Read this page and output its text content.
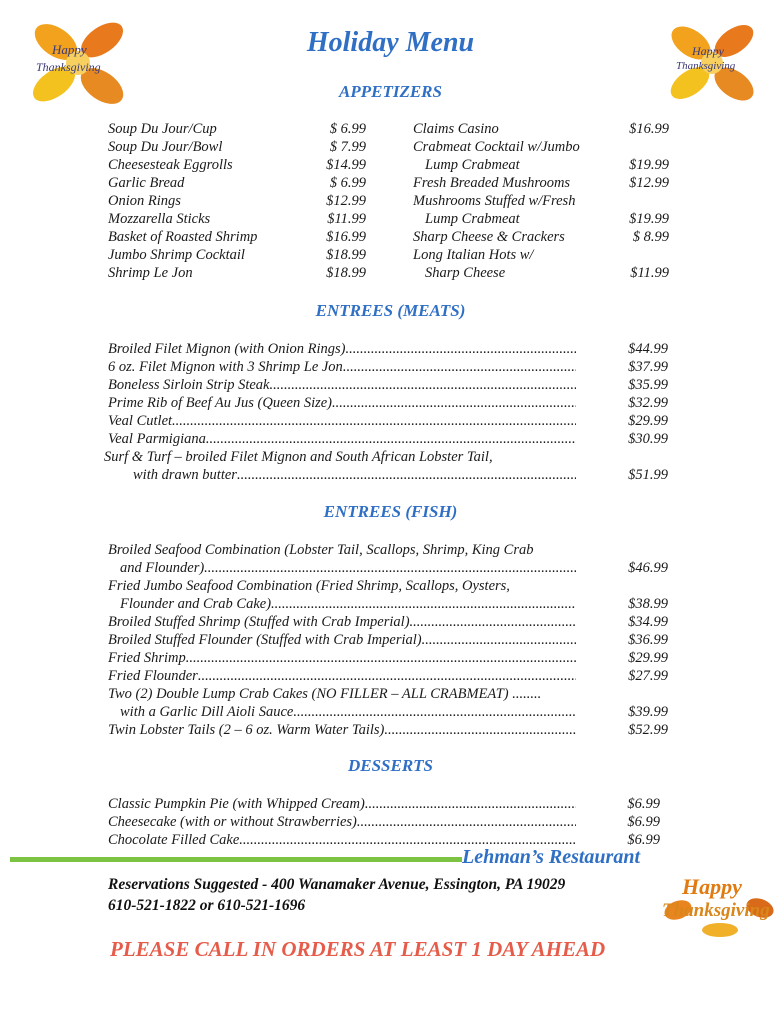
Happy
Thanksgiving
Happy
Thanksgiving
Holiday Menu
APPETIZERS
Soup Du Jour/Cup	$ 6.99
Soup Du Jour/Bowl	$ 7.99
Cheesesteak Eggrolls	$14.99
Garlic Bread	$ 6.99
Onion Rings	$12.99
Mozzarella Sticks	$11.99
Basket of Roasted Shrimp	$16.99
Jumbo Shrimp Cocktail	$18.99
Shrimp Le Jon	$18.99
Claims Casino	$16.99
Crabmeat Cocktail w/Jumbo
Lump Crabmeat	$19.99
Fresh Breaded Mushrooms	$12.99
Mushrooms Stuffed w/Fresh
Lump Crabmeat	$19.99
Sharp Cheese & Crackers	$ 8.99
Long Italian Hots w/
Sharp Cheese	$11.99
ENTREES (MEATS)
Broiled Filet Mignon (with Onion Rings) .....	$44.99
6 oz. Filet Mignon with 3 Shrimp Le Jon .....	$37.99
Boneless Sirloin Strip Steak .....	$35.99
Prime Rib of Beef Au Jus (Queen Size) .....	$32.99
Veal Cutlet .....	$29.99
Veal Parmigiana .....	$30.99
Surf & Turf – broiled Filet Mignon and South African Lobster Tail,
with drawn butter .....	$51.99
ENTREES (FISH)
Broiled Seafood Combination (Lobster Tail, Scallops, Shrimp, King Crab
and Flounder) .....	$46.99
Fried Jumbo Seafood Combination (Fried Shrimp, Scallops, Oysters,
Flounder and Crab Cake) .....	$38.99
Broiled Stuffed Shrimp (Stuffed with Crab Imperial) .....	$34.99
Broiled Stuffed Flounder (Stuffed with Crab Imperial) .....	$36.99
Fried Shrimp .....	$29.99
Fried Flounder .....	$27.99
Two (2) Double Lump Crab Cakes (NO FILLER – ALL CRABMEAT) ........
with a Garlic Dill Aioli Sauce .....	$39.99
Twin Lobster Tails (2 – 6 oz. Warm Water Tails) .....	$52.99
DESSERTS
Classic Pumpkin Pie (with Whipped Cream) .....	$6.99
Cheesecake (with or without Strawberries) .....	$6.99
Chocolate Filled Cake .....	$6.99
Lehman’s Restaurant
Reservations Suggested - 400 Wanamaker Avenue, Essington, PA 19029
610-521-1822 or 610-521-1696
Happy
Thanksgiving
PLEASE CALL IN ORDERS AT LEAST 1 DAY AHEAD
